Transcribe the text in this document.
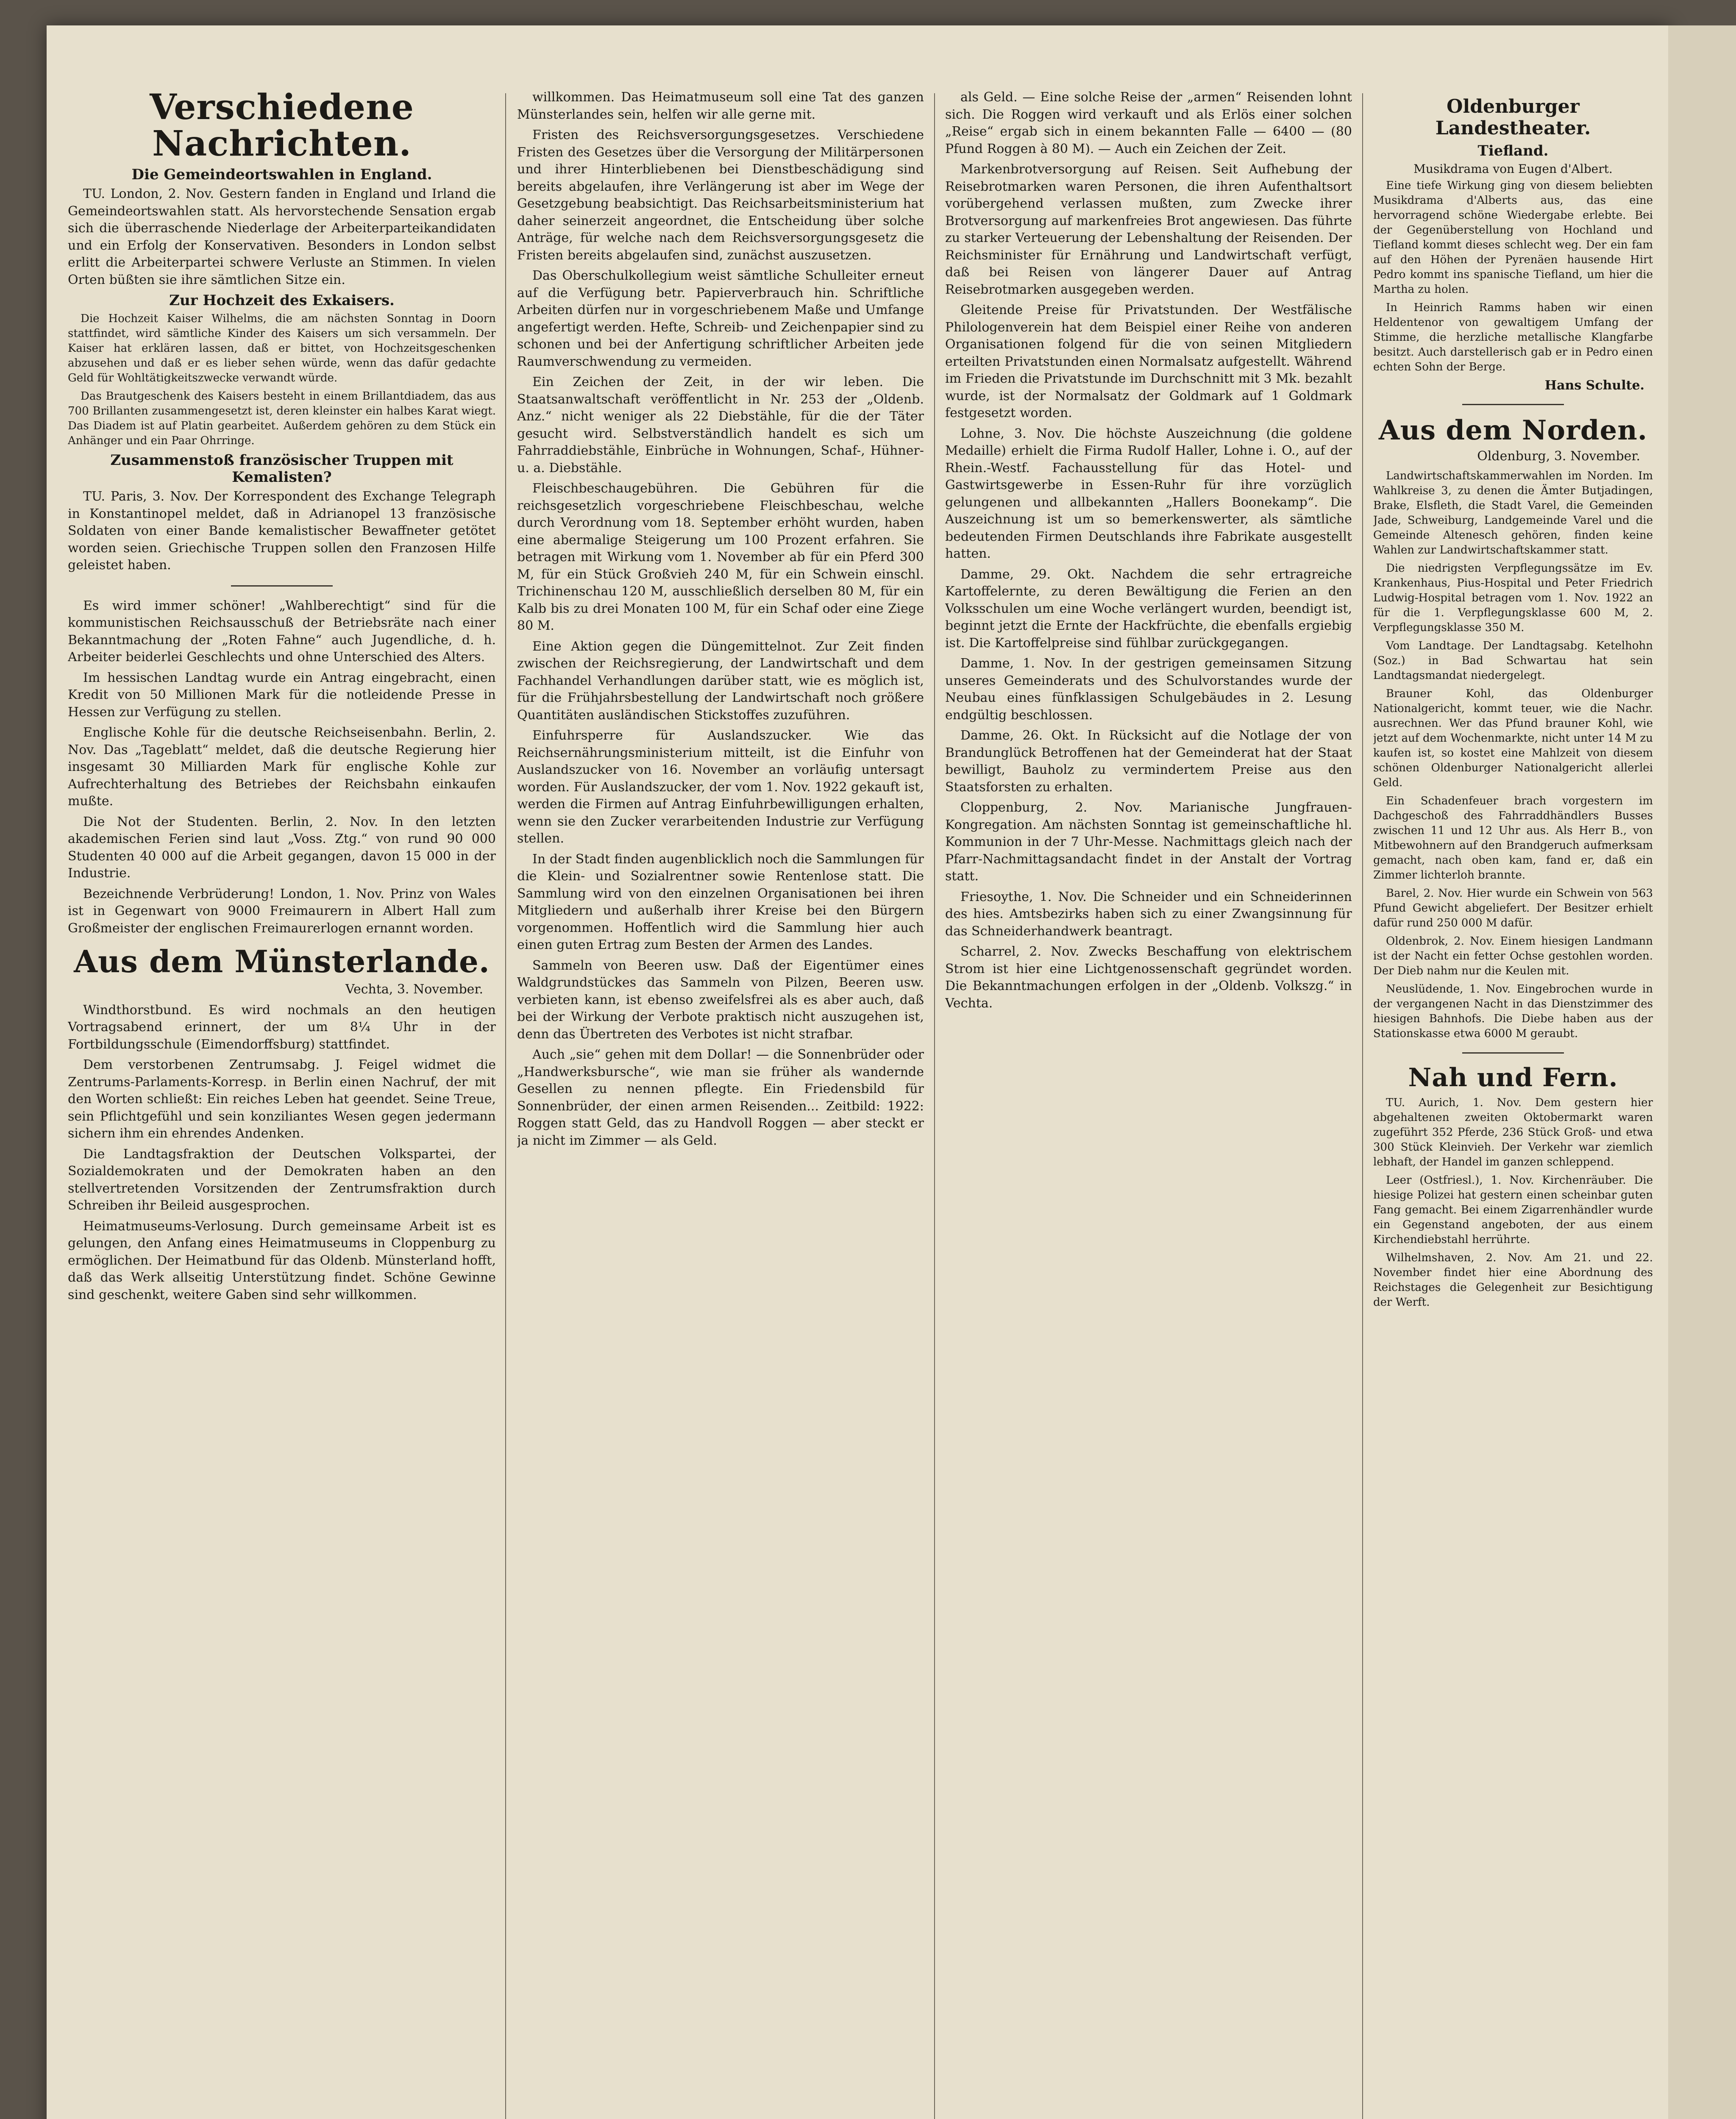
Verschiedene Nachrichten.
Die Gemeindeortswahlen in England.

TU. London, 2. Nov. Gestern fanden in England und Irland die Gemeindeortswahlen statt. Als hervorstechende Sensation ergab sich die überraschende Niederlage der Arbeiterparteikandidaten und ein Erfolg der Konservativen. Besonders in London selbst erlitt die Arbeiterpartei schwere Verluste an Stimmen. In vielen Orten büßten sie ihre sämtlichen Sitze ein.

Zur Hochzeit des Exkaisers.

Die Hochzeit Kaiser Wilhelms, die am nächsten Sonntag in Doorn stattfindet, wird sämtliche Kinder des Kaisers um sich versammeln. Der Kaiser hat erklären lassen, daß er bittet, von Hochzeitsgeschenken abzusehen und daß er es lieber sehen würde, wenn das dafür gedachte Geld für Wohltätigkeitszwecke verwandt würde.

Das Brautgeschenk des Kaisers besteht in einem Brillantdiadem, das aus 700 Brillanten zusammengesetzt ist, deren kleinster ein halbes Karat wiegt. Das Diadem ist auf Platin gearbeitet. Außerdem gehören zu dem Stück ein Anhänger und ein Paar Ohrringe.

Zusammenstoß französischer Truppen mit Kemalisten?

TU. Paris, 3. Nov. Der Korrespondent des Exchange Telegraph in Konstantinopel meldet, daß in Adrianopel 13 französische Soldaten von einer Bande kemalistischer Bewaffneter getötet worden seien. Griechische Truppen sollen den Franzosen Hilfe geleistet haben.

Es wird immer schöner! „Wahlberechtigt“ sind für die kommunistischen Reichsausschuß der Betriebsräte nach einer Bekanntmachung der „Roten Fahne“ auch Jugendliche, d. h. Arbeiter beiderlei Geschlechts und ohne Unterschied des Alters.

Im hessischen Landtag wurde ein Antrag eingebracht, einen Kredit von 50 Millionen Mark für die notleidende Presse in Hessen zur Verfügung zu stellen.

Englische Kohle für die deutsche Reichseisenbahn. Berlin, 2. Nov. Das „Tageblatt“ meldet, daß die deutsche Regierung hier insgesamt 30 Milliarden Mark für englische Kohle zur Aufrechterhaltung des Betriebes der Reichsbahn einkaufen mußte.

Die Not der Studenten. Berlin, 2. Nov. In den letzten akademischen Ferien sind laut „Voss. Ztg.“ von rund 90 000 Studenten 40 000 auf die Arbeit gegangen, davon 15 000 in der Industrie.

Bezeichnende Verbrüderung! London, 1. Nov. Prinz von Wales ist in Gegenwart von 9000 Freimaurern in Albert Hall zum Großmeister der englischen Freimaurerlogen ernannt worden.

Aus dem Münsterlande.
Vechta, 3. November.

Windthorstbund. Es wird nochmals an den heutigen Vortragsabend erinnert, der um 8¼ Uhr in der Fortbildungsschule (Eimendorffsburg) stattfindet.

Dem verstorbenen Zentrumsabg. J. Feigel widmet die Zentrums-Parlaments-Korresp. in Berlin einen Nachruf, der mit den Worten schließt: Ein reiches Leben hat geendet. Seine Treue, sein Pflichtgefühl und sein konziliantes Wesen gegen jedermann sichern ihm ein ehrendes Andenken.

Die Landtagsfraktion der Deutschen Volkspartei, der Sozialdemokraten und der Demokraten haben an den stellvertretenden Vorsitzenden der Zentrumsfraktion durch Schreiben ihr Beileid ausgesprochen.

Heimatmuseums-Verlosung. Durch gemeinsame Arbeit ist es gelungen, den Anfang eines Heimatmuseums in Cloppenburg zu ermöglichen. Der Heimatbund für das Oldenb. Münsterland hofft, daß das Werk allseitig Unterstützung findet. Schöne Gewinne sind geschenkt, weitere Gaben sind sehr willkommen.

willkommen. Das Heimatmuseum soll eine Tat des ganzen Münsterlandes sein, helfen wir alle gerne mit.

Fristen des Reichsversorgungsgesetzes. Verschiedene Fristen des Gesetzes über die Versorgung der Militärpersonen und ihrer Hinterbliebenen bei Dienstbeschädigung sind bereits abgelaufen, ihre Verlängerung ist aber im Wege der Gesetzgebung beabsichtigt. Das Reichsarbeitsministerium hat daher seinerzeit angeordnet, die Entscheidung über solche Anträge, für welche nach dem Reichsversorgungsgesetz die Fristen bereits abgelaufen sind, zunächst auszusetzen.

Das Oberschulkollegium weist sämtliche Schulleiter erneut auf die Verfügung betr. Papierverbrauch hin. Schriftliche Arbeiten dürfen nur in vorgeschriebenem Maße und Umfange angefertigt werden. Hefte, Schreib- und Zeichenpapier sind zu schonen und bei der Anfertigung schriftlicher Arbeiten jede Raumverschwendung zu vermeiden.

Ein Zeichen der Zeit, in der wir leben. Die Staatsanwaltschaft veröffentlicht in Nr. 253 der „Oldenb. Anz.“ nicht weniger als 22 Diebstähle, für die der Täter gesucht wird. Selbstverständlich handelt es sich um Fahrraddiebstähle, Einbrüche in Wohnungen, Schaf-, Hühner- u. a. Diebstähle.

Fleischbeschaugebühren. Die Gebühren für die reichsgesetzlich vorgeschriebene Fleischbeschau, welche durch Verordnung vom 18. September erhöht wurden, haben eine abermalige Steigerung um 100 Prozent erfahren. Sie betragen mit Wirkung vom 1. November ab für ein Pferd 300 M, für ein Stück Großvieh 240 M, für ein Schwein einschl. Trichinenschau 120 M, ausschließlich derselben 80 M, für ein Kalb bis zu drei Monaten 100 M, für ein Schaf oder eine Ziege 80 M.

Eine Aktion gegen die Düngemittelnot. Zur Zeit finden zwischen der Reichsregierung, der Landwirtschaft und dem Fachhandel Verhandlungen darüber statt, wie es möglich ist, für die Frühjahrsbestellung der Landwirtschaft noch größere Quantitäten ausländischen Stickstoffes zuzuführen.

Einfuhrsperre für Auslandszucker. Wie das Reichsernährungsministerium mitteilt, ist die Einfuhr von Auslandszucker von 16. November an vorläufig untersagt worden. Für Auslandszucker, der vom 1. Nov. 1922 gekauft ist, werden die Firmen auf Antrag Einfuhrbewilligungen erhalten, wenn sie den Zucker verarbeitenden Industrie zur Verfügung stellen.

In der Stadt finden augenblicklich noch die Sammlungen für die Klein- und Sozialrentner sowie Rentenlose statt. Die Sammlung wird von den einzelnen Organisationen bei ihren Mitgliedern und außerhalb ihrer Kreise bei den Bürgern vorgenommen. Hoffentlich wird die Sammlung hier auch einen guten Ertrag zum Besten der Armen des Landes.

Sammeln von Beeren usw. Daß der Eigentümer eines Waldgrundstückes das Sammeln von Pilzen, Beeren usw. verbieten kann, ist ebenso zweifelsfrei als es aber auch, daß bei der Wirkung der Verbote praktisch nicht auszugehen ist, denn das Übertreten des Verbotes ist nicht strafbar.

Auch „sie“ gehen mit dem Dollar! — die Sonnenbrüder oder „Handwerksbursche“, wie man sie früher als wandernde Gesellen zu nennen pflegte. Ein Friedensbild für Sonnenbrüder, der einen armen Reisenden... Zeitbild: 1922: Roggen statt Geld, das zu Handvoll Roggen — aber steckt er ja nicht im Zimmer — als Geld.

als Geld. — Eine solche Reise der „armen“ Reisenden lohnt sich. Die Roggen wird verkauft und als Erlös einer solchen „Reise“ ergab sich in einem bekannten Falle — 6400 — (80 Pfund Roggen à 80 M). — Auch ein Zeichen der Zeit.

Markenbrotversorgung auf Reisen. Seit Aufhebung der Reisebrotmarken waren Personen, die ihren Aufenthaltsort vorübergehend verlassen mußten, zum Zwecke ihrer Brotversorgung auf markenfreies Brot angewiesen. Das führte zu starker Verteuerung der Lebenshaltung der Reisenden. Der Reichsminister für Ernährung und Landwirtschaft verfügt, daß bei Reisen von längerer Dauer auf Antrag Reisebrotmarken ausgegeben werden.

Gleitende Preise für Privatstunden. Der Westfälische Philologenverein hat dem Beispiel einer Reihe von anderen Organisationen folgend für die von seinen Mitgliedern erteilten Privatstunden einen Normalsatz aufgestellt. Während im Frieden die Privatstunde im Durchschnitt mit 3 Mk. bezahlt wurde, ist der Normalsatz der Goldmark auf 1 Goldmark festgesetzt worden.

Lohne, 3. Nov. Die höchste Auszeichnung (die goldene Medaille) erhielt die Firma Rudolf Haller, Lohne i. O., auf der Rhein.-Westf. Fachausstellung für das Hotel- und Gastwirtsgewerbe in Essen-Ruhr für ihre vorzüglich gelungenen und allbekannten „Hallers Boonekamp“. Die Auszeichnung ist um so bemerkenswerter, als sämtliche bedeutenden Firmen Deutschlands ihre Fabrikate ausgestellt hatten.

Damme, 29. Okt. Nachdem die sehr ertragreiche Kartoffelernte, zu deren Bewältigung die Ferien an den Volksschulen um eine Woche verlängert wurden, beendigt ist, beginnt jetzt die Ernte der Hackfrüchte, die ebenfalls ergiebig ist. Die Kartoffelpreise sind fühlbar zurückgegangen.

Damme, 1. Nov. In der gestrigen gemeinsamen Sitzung unseres Gemeinderats und des Schulvorstandes wurde der Neubau eines fünfklassigen Schulgebäudes in 2. Lesung endgültig beschlossen.

Damme, 26. Okt. In Rücksicht auf die Notlage der von Brandunglück Betroffenen hat der Gemeinderat hat der Staat bewilligt, Bauholz zu vermindertem Preise aus den Staatsforsten zu erhalten.

Cloppenburg, 2. Nov. Marianische Jungfrauen-Kongregation. Am nächsten Sonntag ist gemeinschaftliche hl. Kommunion in der 7 Uhr-Messe. Nachmittags gleich nach der Pfarr-Nachmittagsandacht findet in der Anstalt der Vortrag statt.

Friesoythe, 1. Nov. Die Schneider und ein Schneiderinnen des hies. Amtsbezirks haben sich zu einer Zwangsinnung für das Schneiderhandwerk beantragt.

Scharrel, 2. Nov. Zwecks Beschaffung von elektrischem Strom ist hier eine Lichtgenossenschaft gegründet worden. Die Bekanntmachungen erfolgen in der „Oldenb. Volkszg.“ in Vechta.

Oldenburger Landestheater.
Tiefland.
Musikdrama von Eugen d'Albert.

Eine tiefe Wirkung ging von diesem beliebten Musikdrama d'Alberts aus, das eine hervorragend schöne Wiedergabe erlebte. Bei der Gegenüberstellung von Hochland und Tiefland kommt dieses schlecht weg. Der ein fam auf den Höhen der Pyrenäen hausende Hirt Pedro kommt ins spanische Tiefland, um hier die Martha zu holen.

In Heinrich Ramms haben wir einen Heldentenor von gewaltigem Umfang der Stimme, die herzliche metallische Klangfarbe besitzt. Auch darstellerisch gab er in Pedro einen echten Sohn der Berge.

Hans Schulte.
Aus dem Norden.
Oldenburg, 3. November.

Landwirtschaftskammerwahlen im Norden. Im Wahlkreise 3, zu denen die Ämter Butjadingen, Brake, Elsfleth, die Stadt Varel, die Gemeinden Jade, Schweiburg, Landgemeinde Varel und die Gemeinde Altenesch gehören, finden keine Wahlen zur Landwirtschaftskammer statt.

Die niedrigsten Verpflegungssätze im Ev. Krankenhaus, Pius-Hospital und Peter Friedrich Ludwig-Hospital betragen vom 1. Nov. 1922 an für die 1. Verpflegungsklasse 600 M, 2. Verpflegungsklasse 350 M.

Vom Landtage. Der Landtagsabg. Ketelhohn (Soz.) in Bad Schwartau hat sein Landtagsmandat niedergelegt.

Brauner Kohl, das Oldenburger Nationalgericht, kommt teuer, wie die Nachr. ausrechnen. Wer das Pfund brauner Kohl, wie jetzt auf dem Wochenmarkte, nicht unter 14 M zu kaufen ist, so kostet eine Mahlzeit von diesem schönen Oldenburger Nationalgericht allerlei Geld.

Ein Schadenfeuer brach vorgestern im Dachgeschoß des Fahrraddhändlers Busses zwischen 11 und 12 Uhr aus. Als Herr B., von Mitbewohnern auf den Brandgeruch aufmerksam gemacht, nach oben kam, fand er, daß ein Zimmer lichterloh brannte.

Barel, 2. Nov. Hier wurde ein Schwein von 563 Pfund Gewicht abgeliefert. Der Besitzer erhielt dafür rund 250 000 M dafür.

Oldenbrok, 2. Nov. Einem hiesigen Landmann ist der Nacht ein fetter Ochse gestohlen worden. Der Dieb nahm nur die Keulen mit.

Neuslüdende, 1. Nov. Eingebrochen wurde in der vergangenen Nacht in das Dienstzimmer des hiesigen Bahnhofs. Die Diebe haben aus der Stationskasse etwa 6000 M geraubt.

Nah und Fern.

TU. Aurich, 1. Nov. Dem gestern hier abgehaltenen zweiten Oktobermarkt waren zugeführt 352 Pferde, 236 Stück Groß- und etwa 300 Stück Kleinvieh. Der Verkehr war ziemlich lebhaft, der Handel im ganzen schleppend.

Leer (Ostfriesl.), 1. Nov. Kirchenräuber. Die hiesige Polizei hat gestern einen scheinbar guten Fang gemacht. Bei einem Zigarrenhändler wurde ein Gegenstand angeboten, der aus einem Kirchendiebstahl herrührte.

Wilhelmshaven, 2. Nov. Am 21. und 22. November findet hier eine Abordnung des Reichstages die Gelegenheit zur Besichtigung der Werft.
